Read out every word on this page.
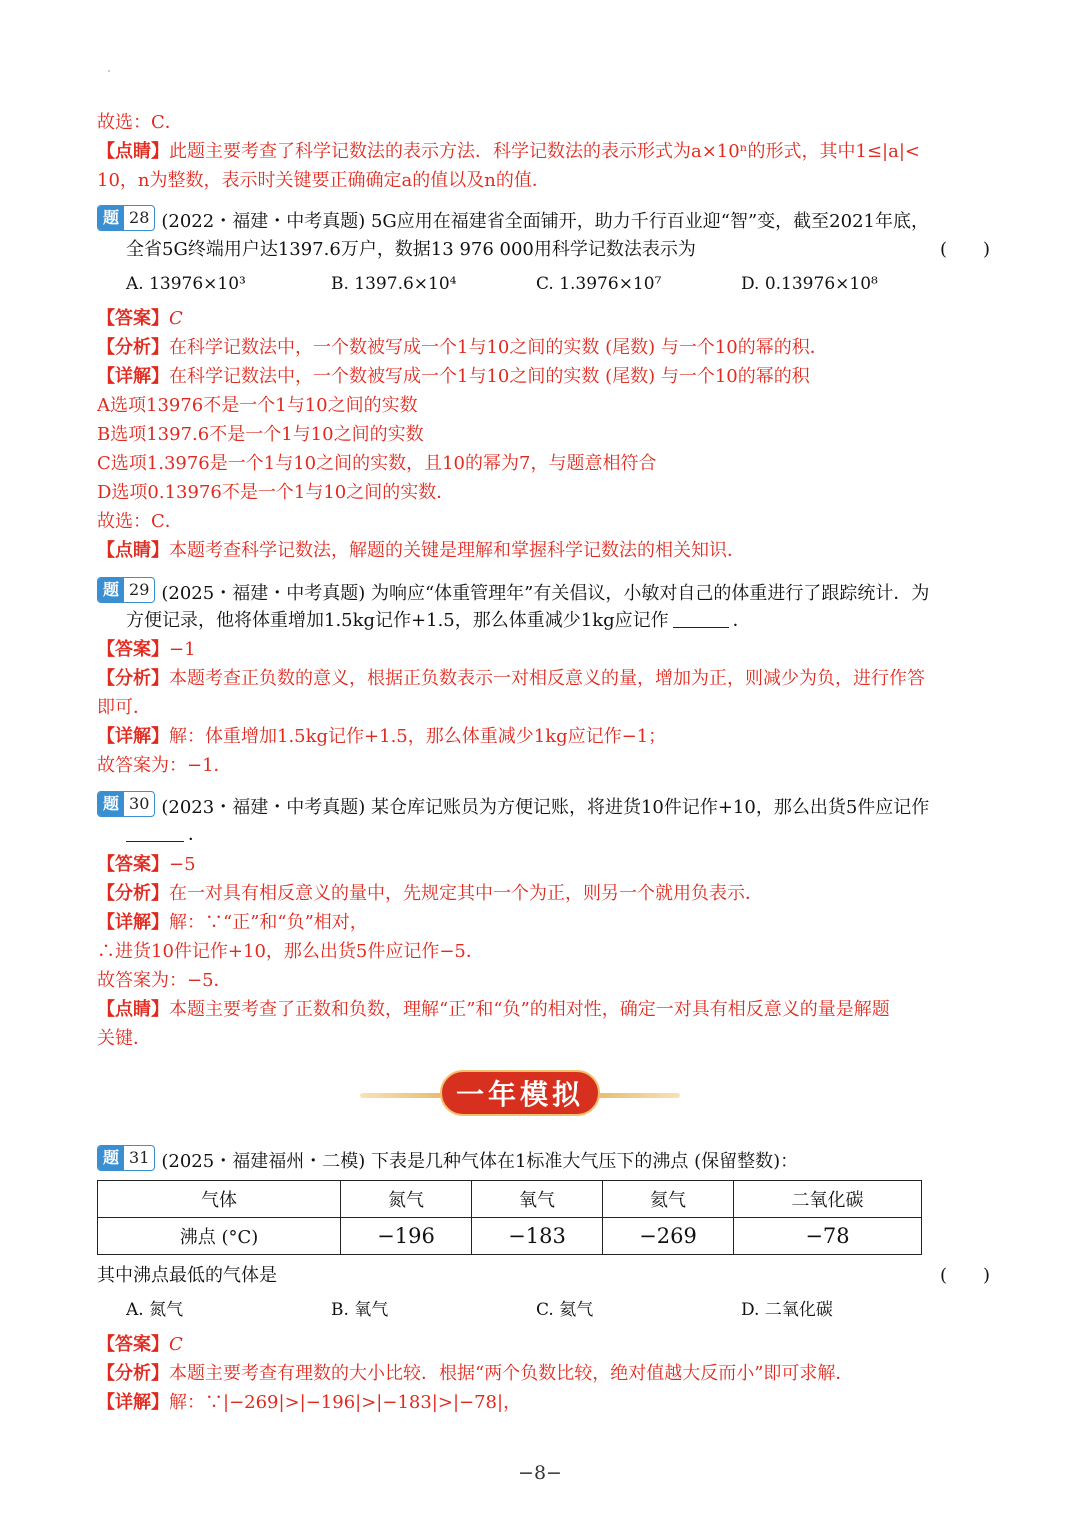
故选：C．
【点睛】此题主要考查了科学记数法的表示方法．科学记数法的表示形式为a×10ⁿ的形式，其中1≤|a|<
10，n为整数，表示时关键要正确确定a的值以及n的值．
题 28 (2022・福建・中考真题) 5G应用在福建省全面铺开，助力千行百业迎“智”变，截至2021年底，
全省5G终端用户达1397.6万户，数据13 976 000用科学记数法表示为	(　　)
A. 13976×10³	B. 1397.6×10⁴	C. 1.3976×10⁷	D. 0.13976×10⁸
【答案】C
【分析】在科学记数法中，一个数被写成一个1与10之间的实数 (尾数) 与一个10的幂的积．
【详解】在科学记数法中，一个数被写成一个1与10之间的实数 (尾数) 与一个10的幂的积
A选项13976不是一个1与10之间的实数
B选项1397.6不是一个1与10之间的实数
C选项1.3976是一个1与10之间的实数，且10的幂为7，与题意相符合
D选项0.13976不是一个1与10之间的实数．
故选：C．
【点睛】本题考查科学记数法，解题的关键是理解和掌握科学记数法的相关知识．
题 29 (2025・福建・中考真题) 为响应“体重管理年”有关倡议，小敏对自己的体重进行了跟踪统计．为
方便记录，他将体重增加1.5kg记作+1.5，那么体重减少1kg应记作	．
【答案】−1
【分析】本题考查正负数的意义，根据正负数表示一对相反意义的量，增加为正，则减少为负，进行作答
即可．
【详解】解：体重增加1.5kg记作+1.5，那么体重减少1kg应记作−1；
故答案为：−1．
题 30 (2023・福建・中考真题) 某仓库记账员为方便记账，将进货10件记作+10，那么出货5件应记作
．
【答案】−5
【分析】在一对具有相反意义的量中，先规定其中一个为正，则另一个就用负表示．
【详解】解：∵“正”和“负”相对，
∴进货10件记作+10，那么出货5件应记作−5．
故答案为：−5．
【点睛】本题主要考查了正数和负数，理解“正”和“负”的相对性，确定一对具有相反意义的量是解题
关键．
一年模拟
题 31 (2025・福建福州・二模) 下表是几种气体在1标准大气压下的沸点 (保留整数)：
气体	氮气	氧气	氦气	二氧化碳
沸点 (°C)	−196	−183	−269	−78
其中沸点最低的气体是	(　　)
A. 氮气	B. 氧气	C. 氦气	D. 二氧化碳
【答案】C
【分析】本题主要考查有理数的大小比较．根据“两个负数比较，绝对值越大反而小”即可求解．
【详解】解：∵|−269|>|−196|>|−183|>|−78|，
−8−
